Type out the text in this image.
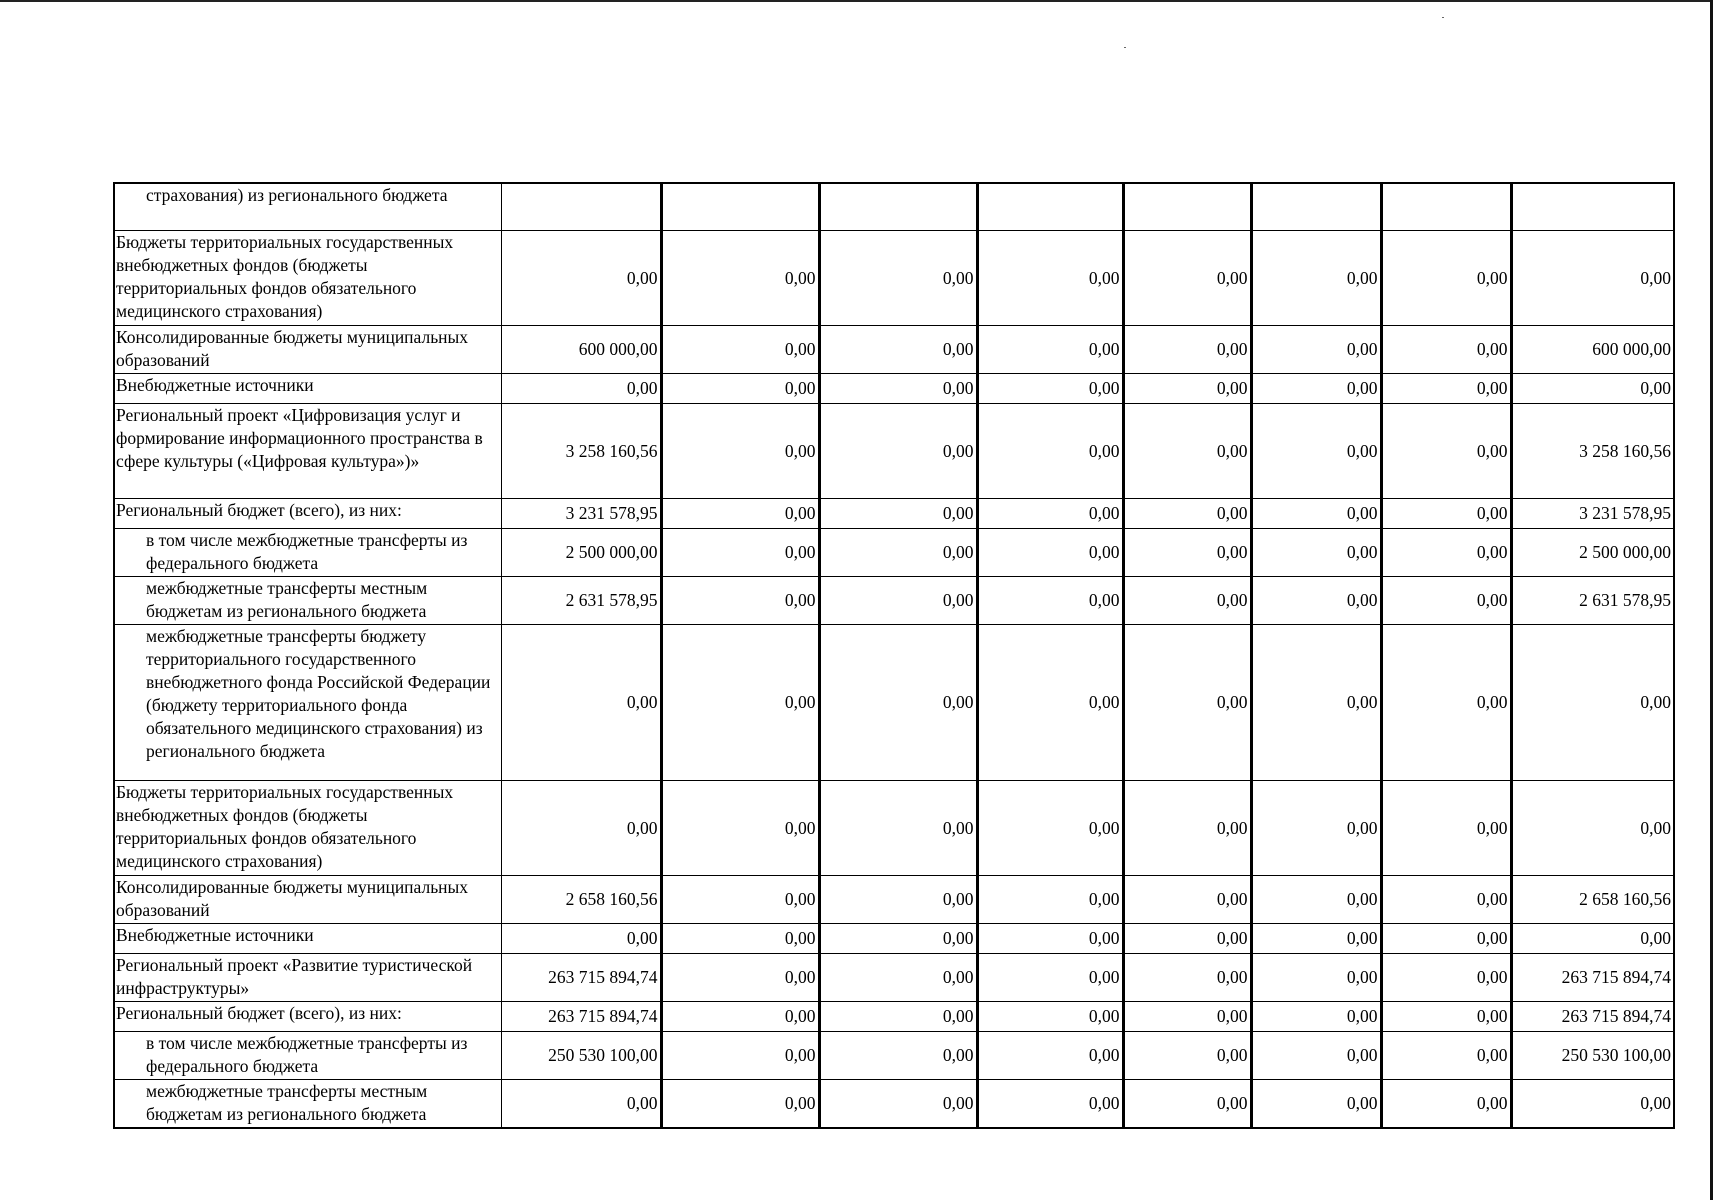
страхования) из регионального бюджета								
Бюджеты территориальных государственных внебюджетных фондов (бюджеты территориальных фондов обязательного медицинского страхования)	0,00	0,00	0,00	0,00	0,00	0,00	0,00	0,00
Консолидированные бюджеты муниципальных образований	600 000,00	0,00	0,00	0,00	0,00	0,00	0,00	600 000,00
Внебюджетные источники	0,00	0,00	0,00	0,00	0,00	0,00	0,00	0,00
Региональный проект «Цифровизация услуг и формирование информационного пространства в сфере культуры («Цифровая культура»)»	3 258 160,56	0,00	0,00	0,00	0,00	0,00	0,00	3 258 160,56
Региональный бюджет (всего), из них:	3 231 578,95	0,00	0,00	0,00	0,00	0,00	0,00	3 231 578,95
в том числе межбюджетные трансферты из федерального бюджета	2 500 000,00	0,00	0,00	0,00	0,00	0,00	0,00	2 500 000,00
межбюджетные трансферты местным бюджетам из регионального бюджета	2 631 578,95	0,00	0,00	0,00	0,00	0,00	0,00	2 631 578,95
межбюджетные трансферты бюджету территориального государственного внебюджетного фонда Российской Федерации (бюджету территориального фонда обязательного медицинского страхования) из регионального бюджета	0,00	0,00	0,00	0,00	0,00	0,00	0,00	0,00
Бюджеты территориальных государственных внебюджетных фондов (бюджеты территориальных фондов обязательного медицинского страхования)	0,00	0,00	0,00	0,00	0,00	0,00	0,00	0,00
Консолидированные бюджеты муниципальных образований	2 658 160,56	0,00	0,00	0,00	0,00	0,00	0,00	2 658 160,56
Внебюджетные источники	0,00	0,00	0,00	0,00	0,00	0,00	0,00	0,00
Региональный проект «Развитие туристической инфраструктуры»	263 715 894,74	0,00	0,00	0,00	0,00	0,00	0,00	263 715 894,74
Региональный бюджет (всего), из них:	263 715 894,74	0,00	0,00	0,00	0,00	0,00	0,00	263 715 894,74
в том числе межбюджетные трансферты из федерального бюджета	250 530 100,00	0,00	0,00	0,00	0,00	0,00	0,00	250 530 100,00
межбюджетные трансферты местным бюджетам из регионального бюджета	0,00	0,00	0,00	0,00	0,00	0,00	0,00	0,00
